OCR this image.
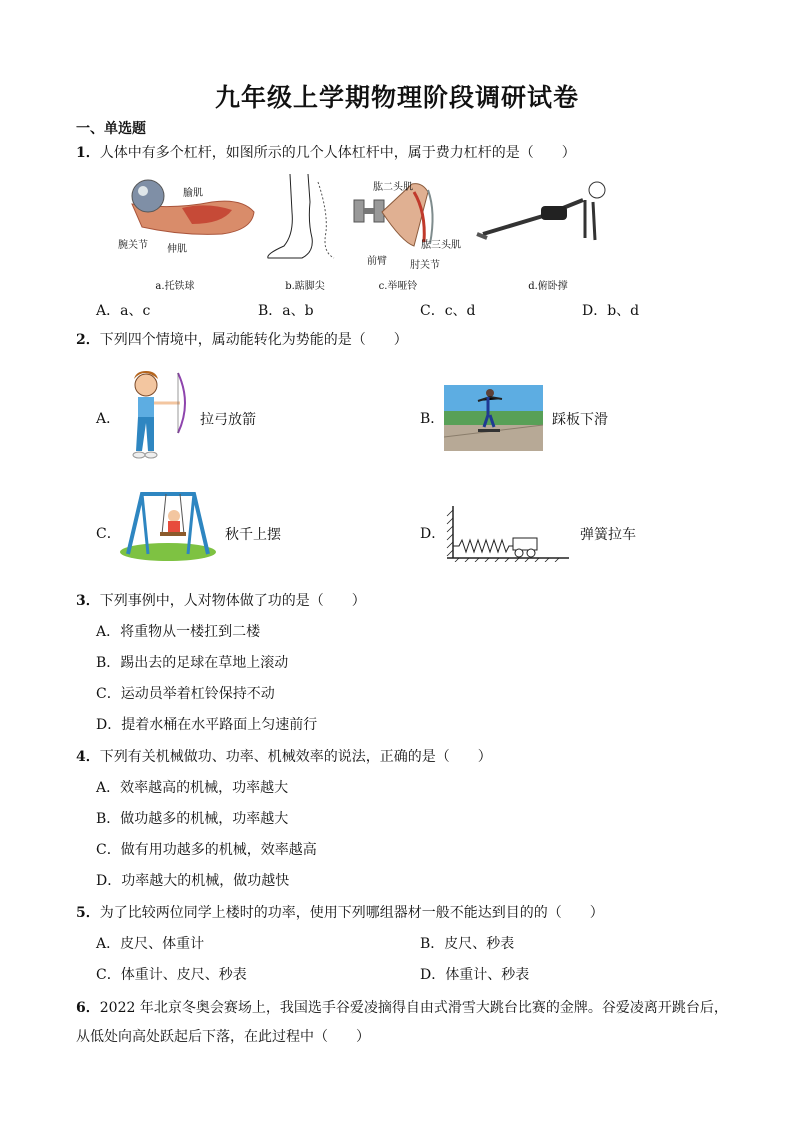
九年级上学期物理阶段调研试卷
一、单选题
1．人体中有多个杠杆，如图所示的几个人体杠杆中，属于费力杠杆的是（　　）
腧肌
腕关节 伸肌
a.托铁球	b.踮脚尖
肱二头肌
肱三头肌
前臂 肘关节
c.举哑铃	d.俯卧撑
A．a、c	B．a、b	C．c、d	D．b、d
2．下列四个情境中，属动能转化为势能的是（　　）
A．	拉弓放箭	B．	踩板下滑
C．	秋千上摆	D．	弹簧拉车
3．下列事例中，人对物体做了功的是（　　）
A．将重物从一楼扛到二楼
B．踢出去的足球在草地上滚动
C．运动员举着杠铃保持不动
D．提着水桶在水平路面上匀速前行
4．下列有关机械做功、功率、机械效率的说法，正确的是（　　）
A．效率越高的机械，功率越大
B．做功越多的机械，功率越大
C．做有用功越多的机械，效率越高
D．功率越大的机械，做功越快
5．为了比较两位同学上楼时的功率，使用下列哪组器材一般不能达到目的的（　　）
A．皮尺、体重计	B．皮尺、秒表
C．体重计、皮尺、秒表	D．体重计、秒表
6．2022 年北京冬奥会赛场上，我国选手谷爱凌摘得自由式滑雪大跳台比赛的金牌。谷爱凌离开跳台后，
从低处向高处跃起后下落，在此过程中（　　）
